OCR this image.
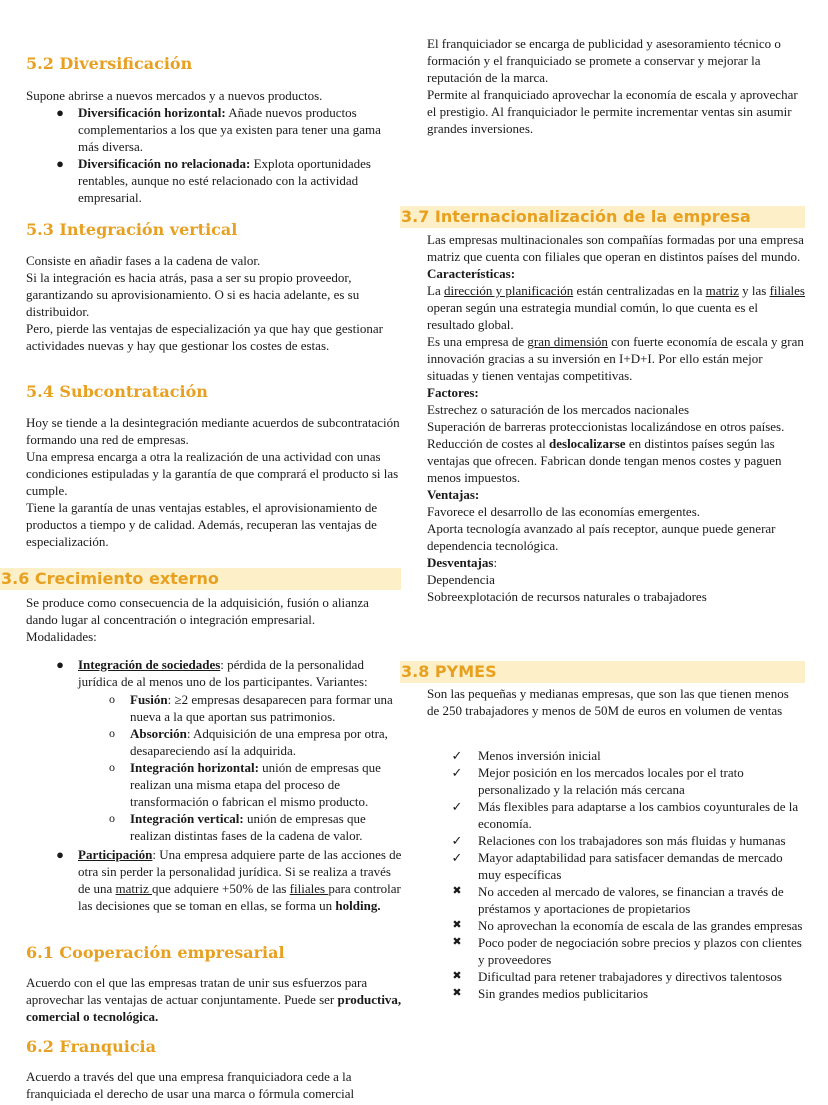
5.2 Diversificación

Supone abrirse a nuevos mercados y a nuevos productos.

● Diversificación horizontal: Añade nuevos productos complementarios a los que ya existen para tener una gama más diversa.
● Diversificación no relacionada: Explota oportunidades rentables, aunque no esté relacionado con la actividad empresarial.
5.3 Integración vertical

Consiste en añadir fases a la cadena de valor.

Si la integración es hacia atrás, pasa a ser su propio proveedor, garantizando su aprovisionamiento. O si es hacia adelante, es su distribuidor.

Pero, pierde las ventajas de especialización ya que hay que gestionar actividades nuevas y hay que gestionar los costes de estas.

5.4 Subcontratación

Hoy se tiende a la desintegración mediante acuerdos de subcontratación formando una red de empresas.

Una empresa encarga a otra la realización de una actividad con unas condiciones estipuladas y la garantía de que comprará el producto si las cumple.

Tiene la garantía de unas ventajas estables, el aprovisionamiento de productos a tiempo y de calidad. Además, recuperan las ventajas de especialización.

3.6 Crecimiento externo

Se produce como consecuencia de la adquisición, fusión o alianza dando lugar al concentración o integración empresarial. Modalidades:

● Integración de sociedades: pérdida de la personalidad jurídica de al menos uno de los participantes. Variantes:
o Fusión: ≥2 empresas desaparecen para formar una nueva a la que aportan sus patrimonios.
o Absorción: Adquisición de una empresa por otra, desapareciendo así la adquirida.
o Integración horizontal: unión de empresas que realizan una misma etapa del proceso de transformación o fabrican el mismo producto.
o Integración vertical: unión de empresas que realizan distintas fases de la cadena de valor.
● Participación: Una empresa adquiere parte de las acciones de otra sin perder la personalidad jurídica. Si se realiza a través de una matriz que adquiere +50% de las filiales para controlar las decisiones que se toman en ellas, se forma un holding.
6.1 Cooperación empresarial

Acuerdo con el que las empresas tratan de unir sus esfuerzos para aprovechar las ventajas de actuar conjuntamente. Puede ser productiva, comercial o tecnológica.

6.2 Franquicia

Acuerdo a través del que una empresa franquiciadora cede a la franquiciada el derecho de usar una marca o fórmula comercial

El franquiciador se encarga de publicidad y asesoramiento técnico o formación y el franquiciado se promete a conservar y mejorar la reputación de la marca.

Permite al franquiciado aprovechar la economía de escala y aprovechar el prestigio. Al franquiciador le permite incrementar ventas sin asumir grandes inversiones.

3.7 Internacionalización de la empresa

Las empresas multinacionales son compañías formadas por una empresa matriz que cuenta con filiales que operan en distintos países del mundo.

Características:

La dirección y planificación están centralizadas en la matriz y las filiales operan según una estrategia mundial común, lo que cuenta es el resultado global.

Es una empresa de gran dimensión con fuerte economía de escala y gran innovación gracias a su inversión en I+D+I. Por ello están mejor situadas y tienen ventajas competitivas.

Factores:

Estrechez o saturación de los mercados nacionales

Superación de barreras proteccionistas localizándose en otros países.

Reducción de costes al deslocalizarse en distintos países según las ventajas que ofrecen. Fabrican donde tengan menos costes y paguen menos impuestos.

Ventajas:

Favorece el desarrollo de las economías emergentes.

Aporta tecnología avanzado al país receptor, aunque puede generar dependencia tecnológica.

Desventajas:

Dependencia

Sobreexplotación de recursos naturales o trabajadores

3.8 PYMES

Son las pequeñas y medianas empresas, que son las que tienen menos de 250 trabajadores y menos de 50M de euros en volumen de ventas

✓ Menos inversión inicial
✓ Mejor posición en los mercados locales por el trato personalizado y la relación más cercana
✓ Más flexibles para adaptarse a los cambios coyunturales de la economía.
✓ Relaciones con los trabajadores son más fluidas y humanas
✓ Mayor adaptabilidad para satisfacer demandas de mercado muy específicas
✖ No acceden al mercado de valores, se financian a través de préstamos y aportaciones de propietarios
✖ No aprovechan la economía de escala de las grandes empresas
✖ Poco poder de negociación sobre precios y plazos con clientes y proveedores
✖ Dificultad para retener trabajadores y directivos talentosos
✖ Sin grandes medios publicitarios
